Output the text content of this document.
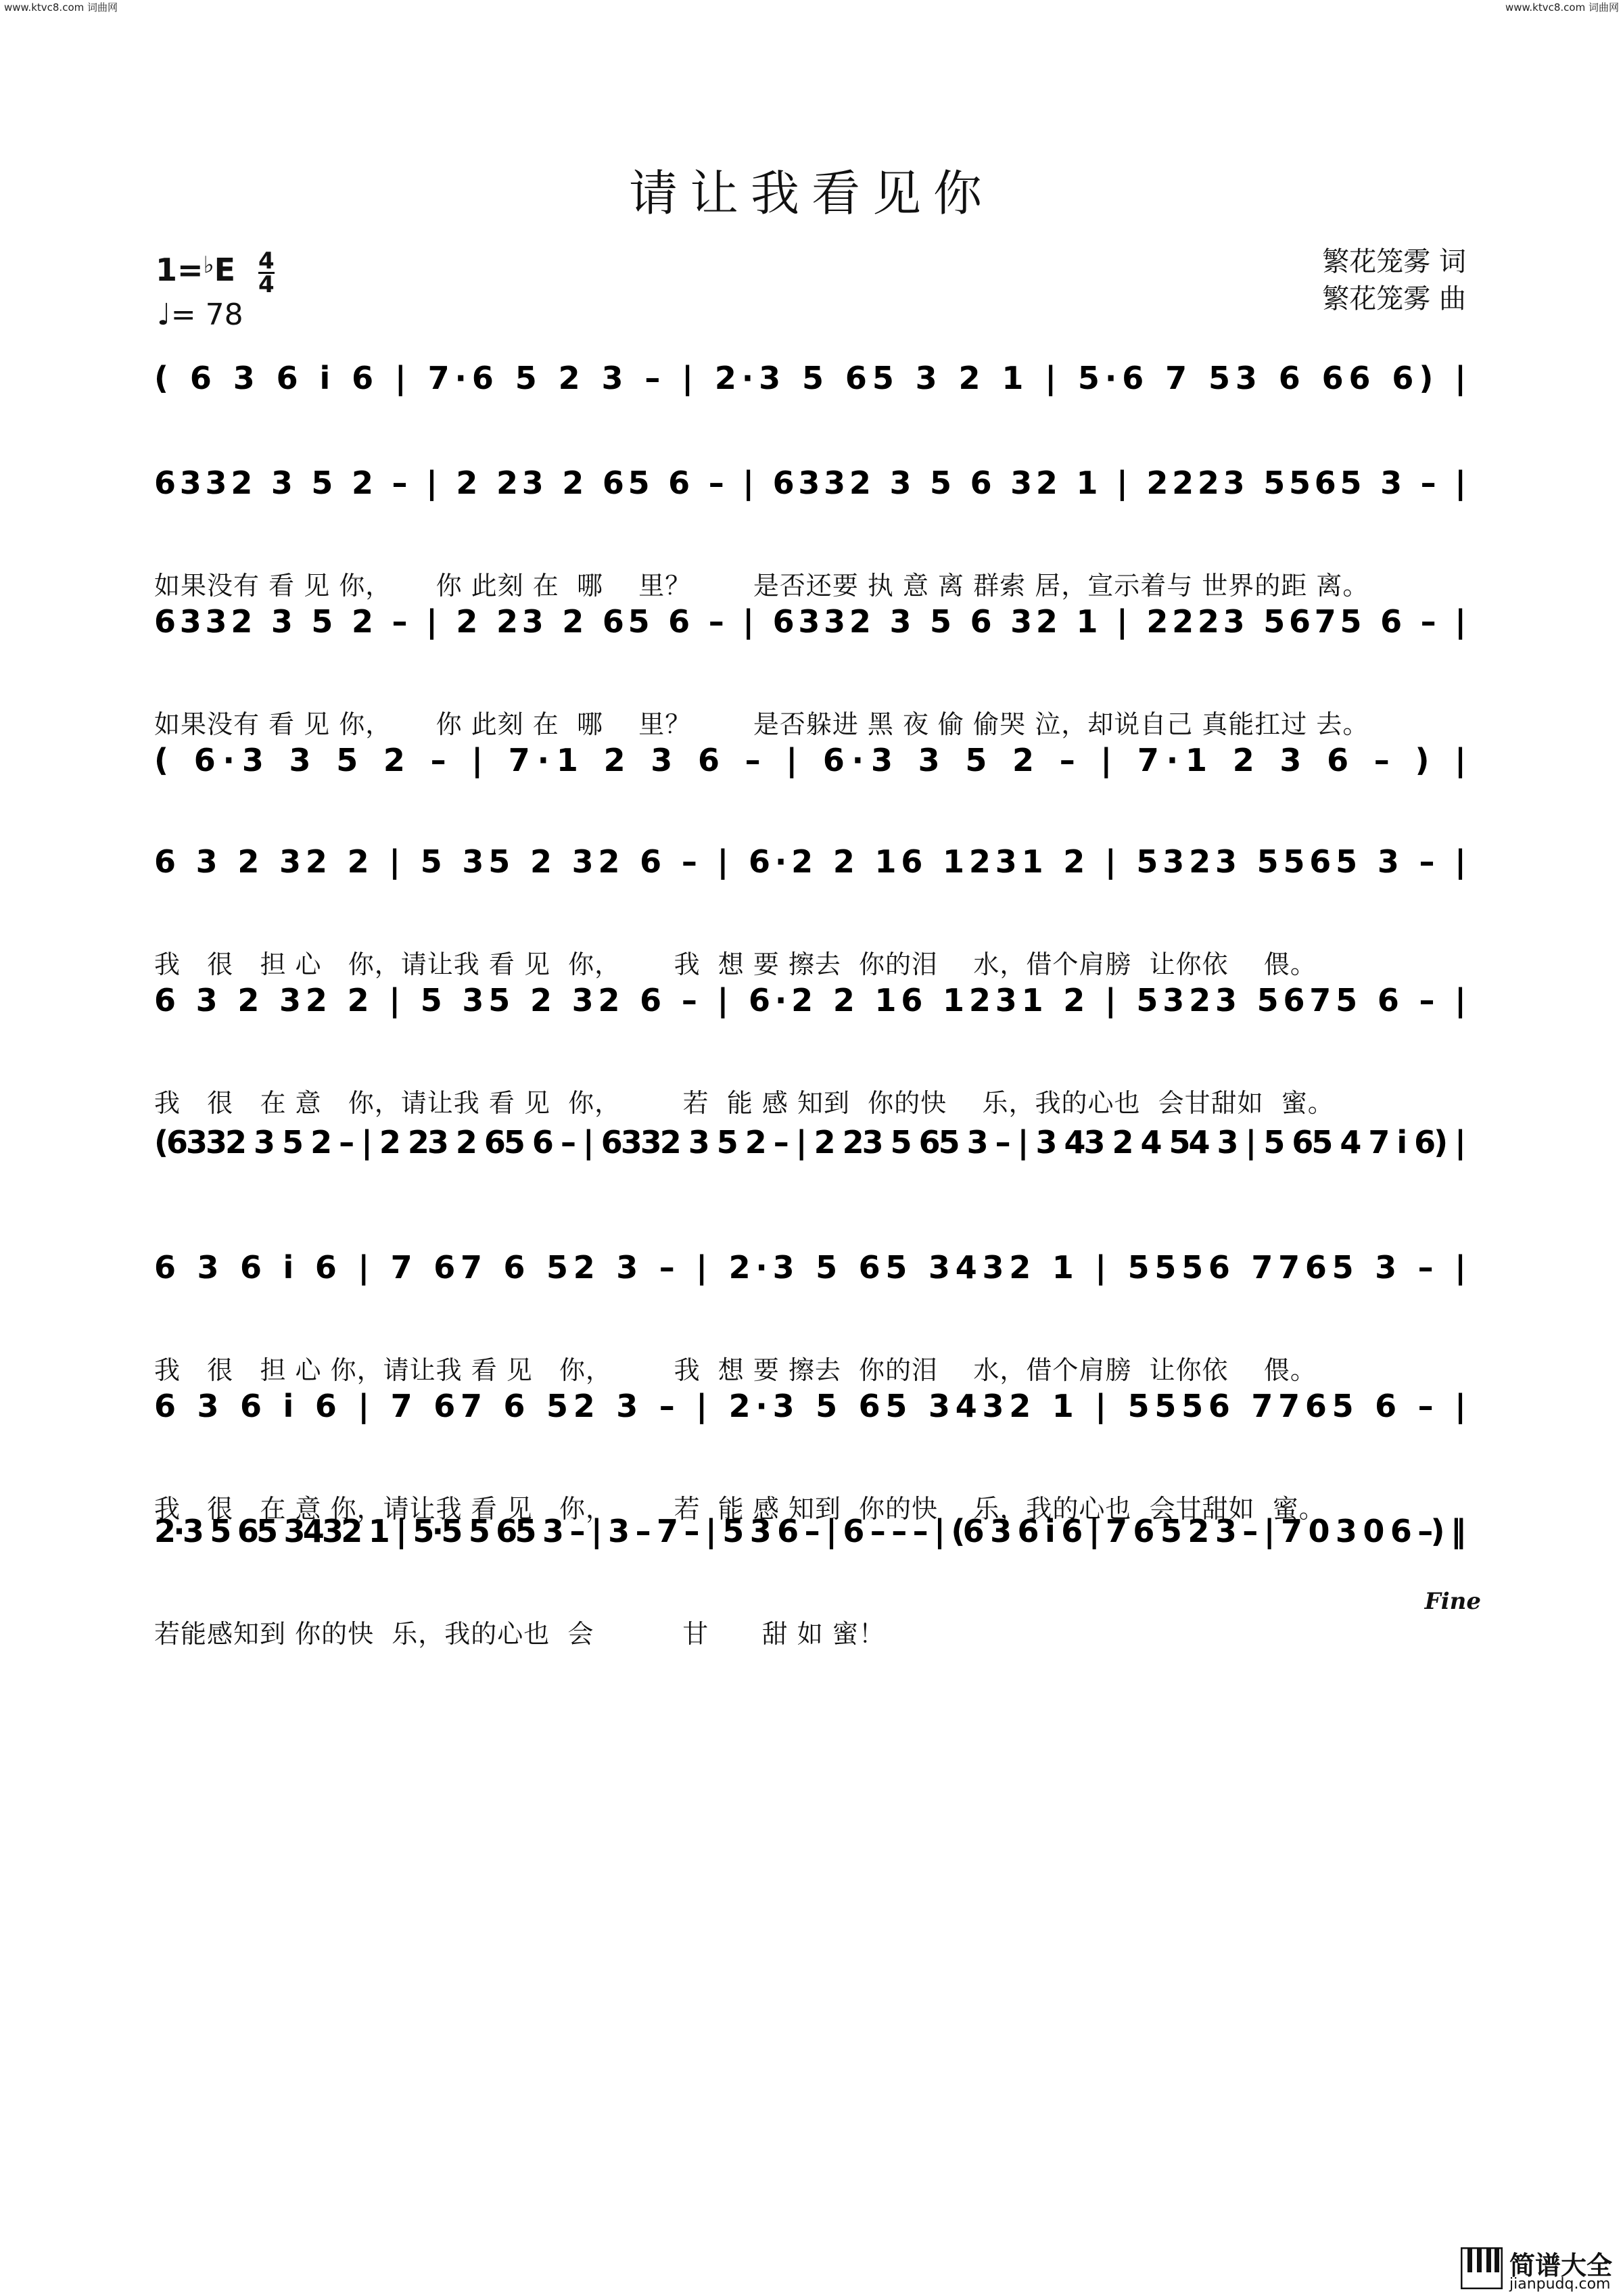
www.ktvc8.com 词曲网	www.ktvc8.com 词曲网
请让我看见你
1=♭E 4
4
♩= 78
繁花笼雾 词
繁花笼雾 曲
( 6 3 6 i 6 | 7·6 5 2 3 – | 2·3 5 65 3 2 1 | 5·6 7 53 6 66 6) |
6332 3 5 2 – | 2 23 2 65 6 – | 6332 3 5 6 32 1 | 2223 5565 3 – |
如果没有 看 见 你，     你 此刻 在  哪    里？       是否还要 执 意 离 群索 居，宣示着与 世界的距 离。
6332 3 5 2 – | 2 23 2 65 6 – | 6332 3 5 6 32 1 | 2223 5675 6 – |
如果没有 看 见 你，     你 此刻 在  哪    里？       是否躲进 黑 夜 偷 偷哭 泣，却说自己 真能扛过 去。
( 6·3 3 5 2 – | 7·1 2 3 6 – | 6·3 3 5 2 – | 7·1 2 3 6 – ) |
6 3 2 32 2 | 5 35 2 32 6 – | 6·2 2 16 1231 2 | 5323 5565 3 – |
我   很   担 心   你，请让我 看 见  你，      我  想 要 擦去  你的泪    水，借个肩膀  让你依    偎。
6 3 2 32 2 | 5 35 2 32 6 – | 6·2 2 16 1231 2 | 5323 5675 6 – |
我   很   在 意   你，请让我 看 见  你，       若  能 感 知到  你的快    乐，我的心也  会甘甜如  蜜。
(6332 3 5 2 – | 2 23 2 65 6 – | 6332 3 5 2 – | 2 23 5 65 3 – | 3 43 2 4 54 3 | 5 65 4 7 i 6) |
6 3 6 i 6 | 7 67 6 52 3 – | 2·3 5 65 3432 1 | 5556 7765 3 – |
我   很   担 心 你，请让我 看 见   你，       我  想 要 擦去  你的泪    水，借个肩膀  让你依    偎。
6 3 6 i 6 | 7 67 6 52 3 – | 2·3 5 65 3432 1 | 5556 7765 6 – |
我   很   在 意 你，请让我 看 见   你，       若  能 感 知到  你的快    乐，我的心也  会甘甜如  蜜。
2·3 5 65 3432 1 | 5·5 5 65 3 – | 3 – 7 – | 5 3 6 – | 6 – – – | (6 3 6 i 6 | 7 6 5 2 3 – | 7 0 3 0 6 –) ‖
若能感知到 你的快  乐，我的心也  会          甘      甜 如 蜜！
Fine
简谱大全
jianpudq.com
